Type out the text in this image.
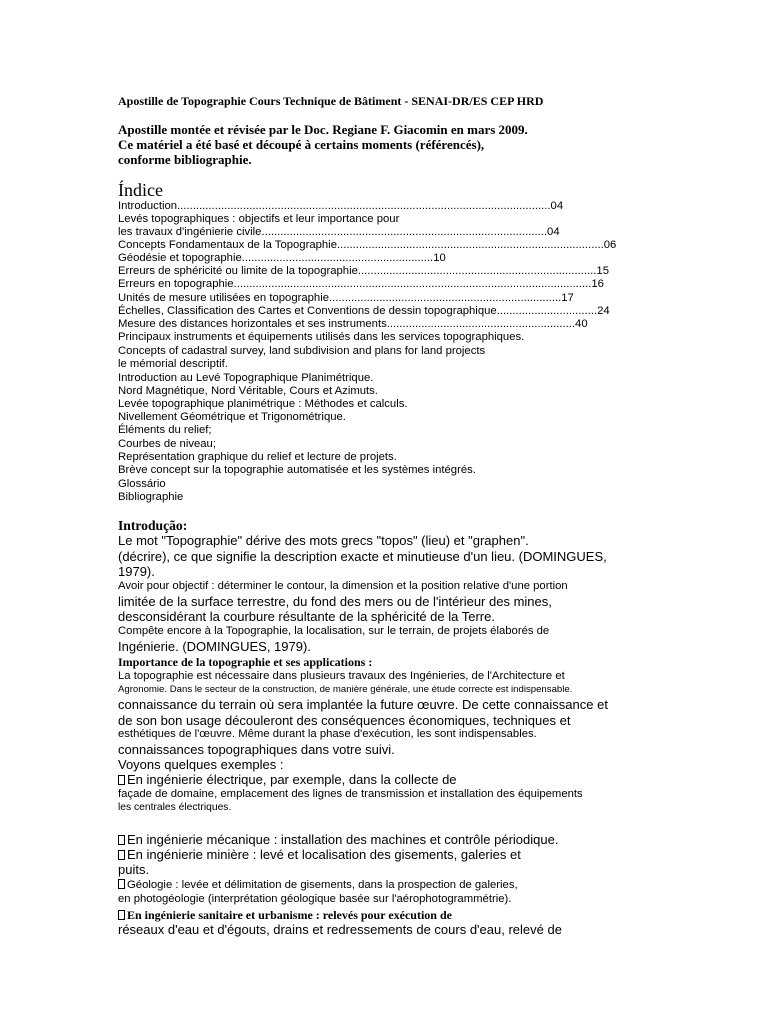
Apostille de Topographie Cours Technique de Bâtiment - SENAI-DR/ES CEP HRD
Apostille montée et révisée par le Doc. Regiane F. Giacomin en mars 2009.
Ce matériel a été basé et découpé à certains moments (référencés),
conforme bibliographie.
Índice
Introduction.......................................................................................................................04
Levés topographiques : objectifs et leur importance pour
les travaux d'ingénierie civile...........................................................................................04
Concepts Fondamentaux de la Topographie.....................................................................................06
Géodésie et topographie.............................................................10
Erreurs de sphéricité ou limite de la topographie............................................................................15
Erreurs en topographie..................................................................................................................16
Unités de mesure utilisées en topographie..........................................................................17
Échelles, Classification des Cartes et Conventions de dessin topographique................................24
Mesure des distances horizontales et ses instruments............................................................40
Principaux instruments et équipements utilisés dans les services topographiques.
Concepts of cadastral survey, land subdivision and plans for land projects
le mémorial descriptif.
Introduction au Levé Topographique Planimétrique.
Nord Magnétique, Nord Véritable, Cours et Azimuts.
Levée topographique planimétrique : Méthodes et calculs.
Nivellement Géométrique et Trigonométrique.
Éléments du relief;
Courbes de niveau;
Représentation graphique du relief et lecture de projets.
Brève concept sur la topographie automatisée et les systèmes intégrés.
Glossário
Bibliographie
Introdução:
Le mot "Topographie" dérive des mots grecs "topos" (lieu) et "graphen".
(décrire), ce que signifie la description exacte et minutieuse d'un lieu. (DOMINGUES,
1979).
Avoir pour objectif : déterminer le contour, la dimension et la position relative d'une portion
limitée de la surface terrestre, du fond des mers ou de l'intérieur des mines,
desconsidérant la courbure résultante de la sphéricité de la Terre.
Compête encore à la Topographie, la localisation, sur le terrain, de projets élaborés de
Ingénierie. (DOMINGUES, 1979).
Importance de la topographie et ses applications :
La topographie est nécessaire dans plusieurs travaux des Ingénieries, de l'Architecture et
Agronomie. Dans le secteur de la construction, de manière générale, une étude correcte est indispensable.
connaissance du terrain où sera implantée la future œuvre. De cette connaissance et
de son bon usage découleront des conséquences économiques, techniques et
esthétiques de l'œuvre. Même durant la phase d'exécution, les sont indispensables.
connaissances topographiques dans votre suivi.
Voyons quelques exemples :
En ingénierie électrique, par exemple, dans la collecte de
façade de domaine, emplacement des lignes de transmission et installation des équipements
les centrales électriques.
En ingénierie mécanique : installation des machines et contrôle périodique.
En ingénierie minière : levé et localisation des gisements, galeries et
puits.
Géologie : levée et délimitation de gisements, dans la prospection de galeries,
en photogéologie (interprétation géologique basée sur l'aérophotogrammétrie).
En ingénierie sanitaire et urbanisme : relevés pour exécution de
réseaux d'eau et d'égouts, drains et redressements de cours d'eau, relevé de
